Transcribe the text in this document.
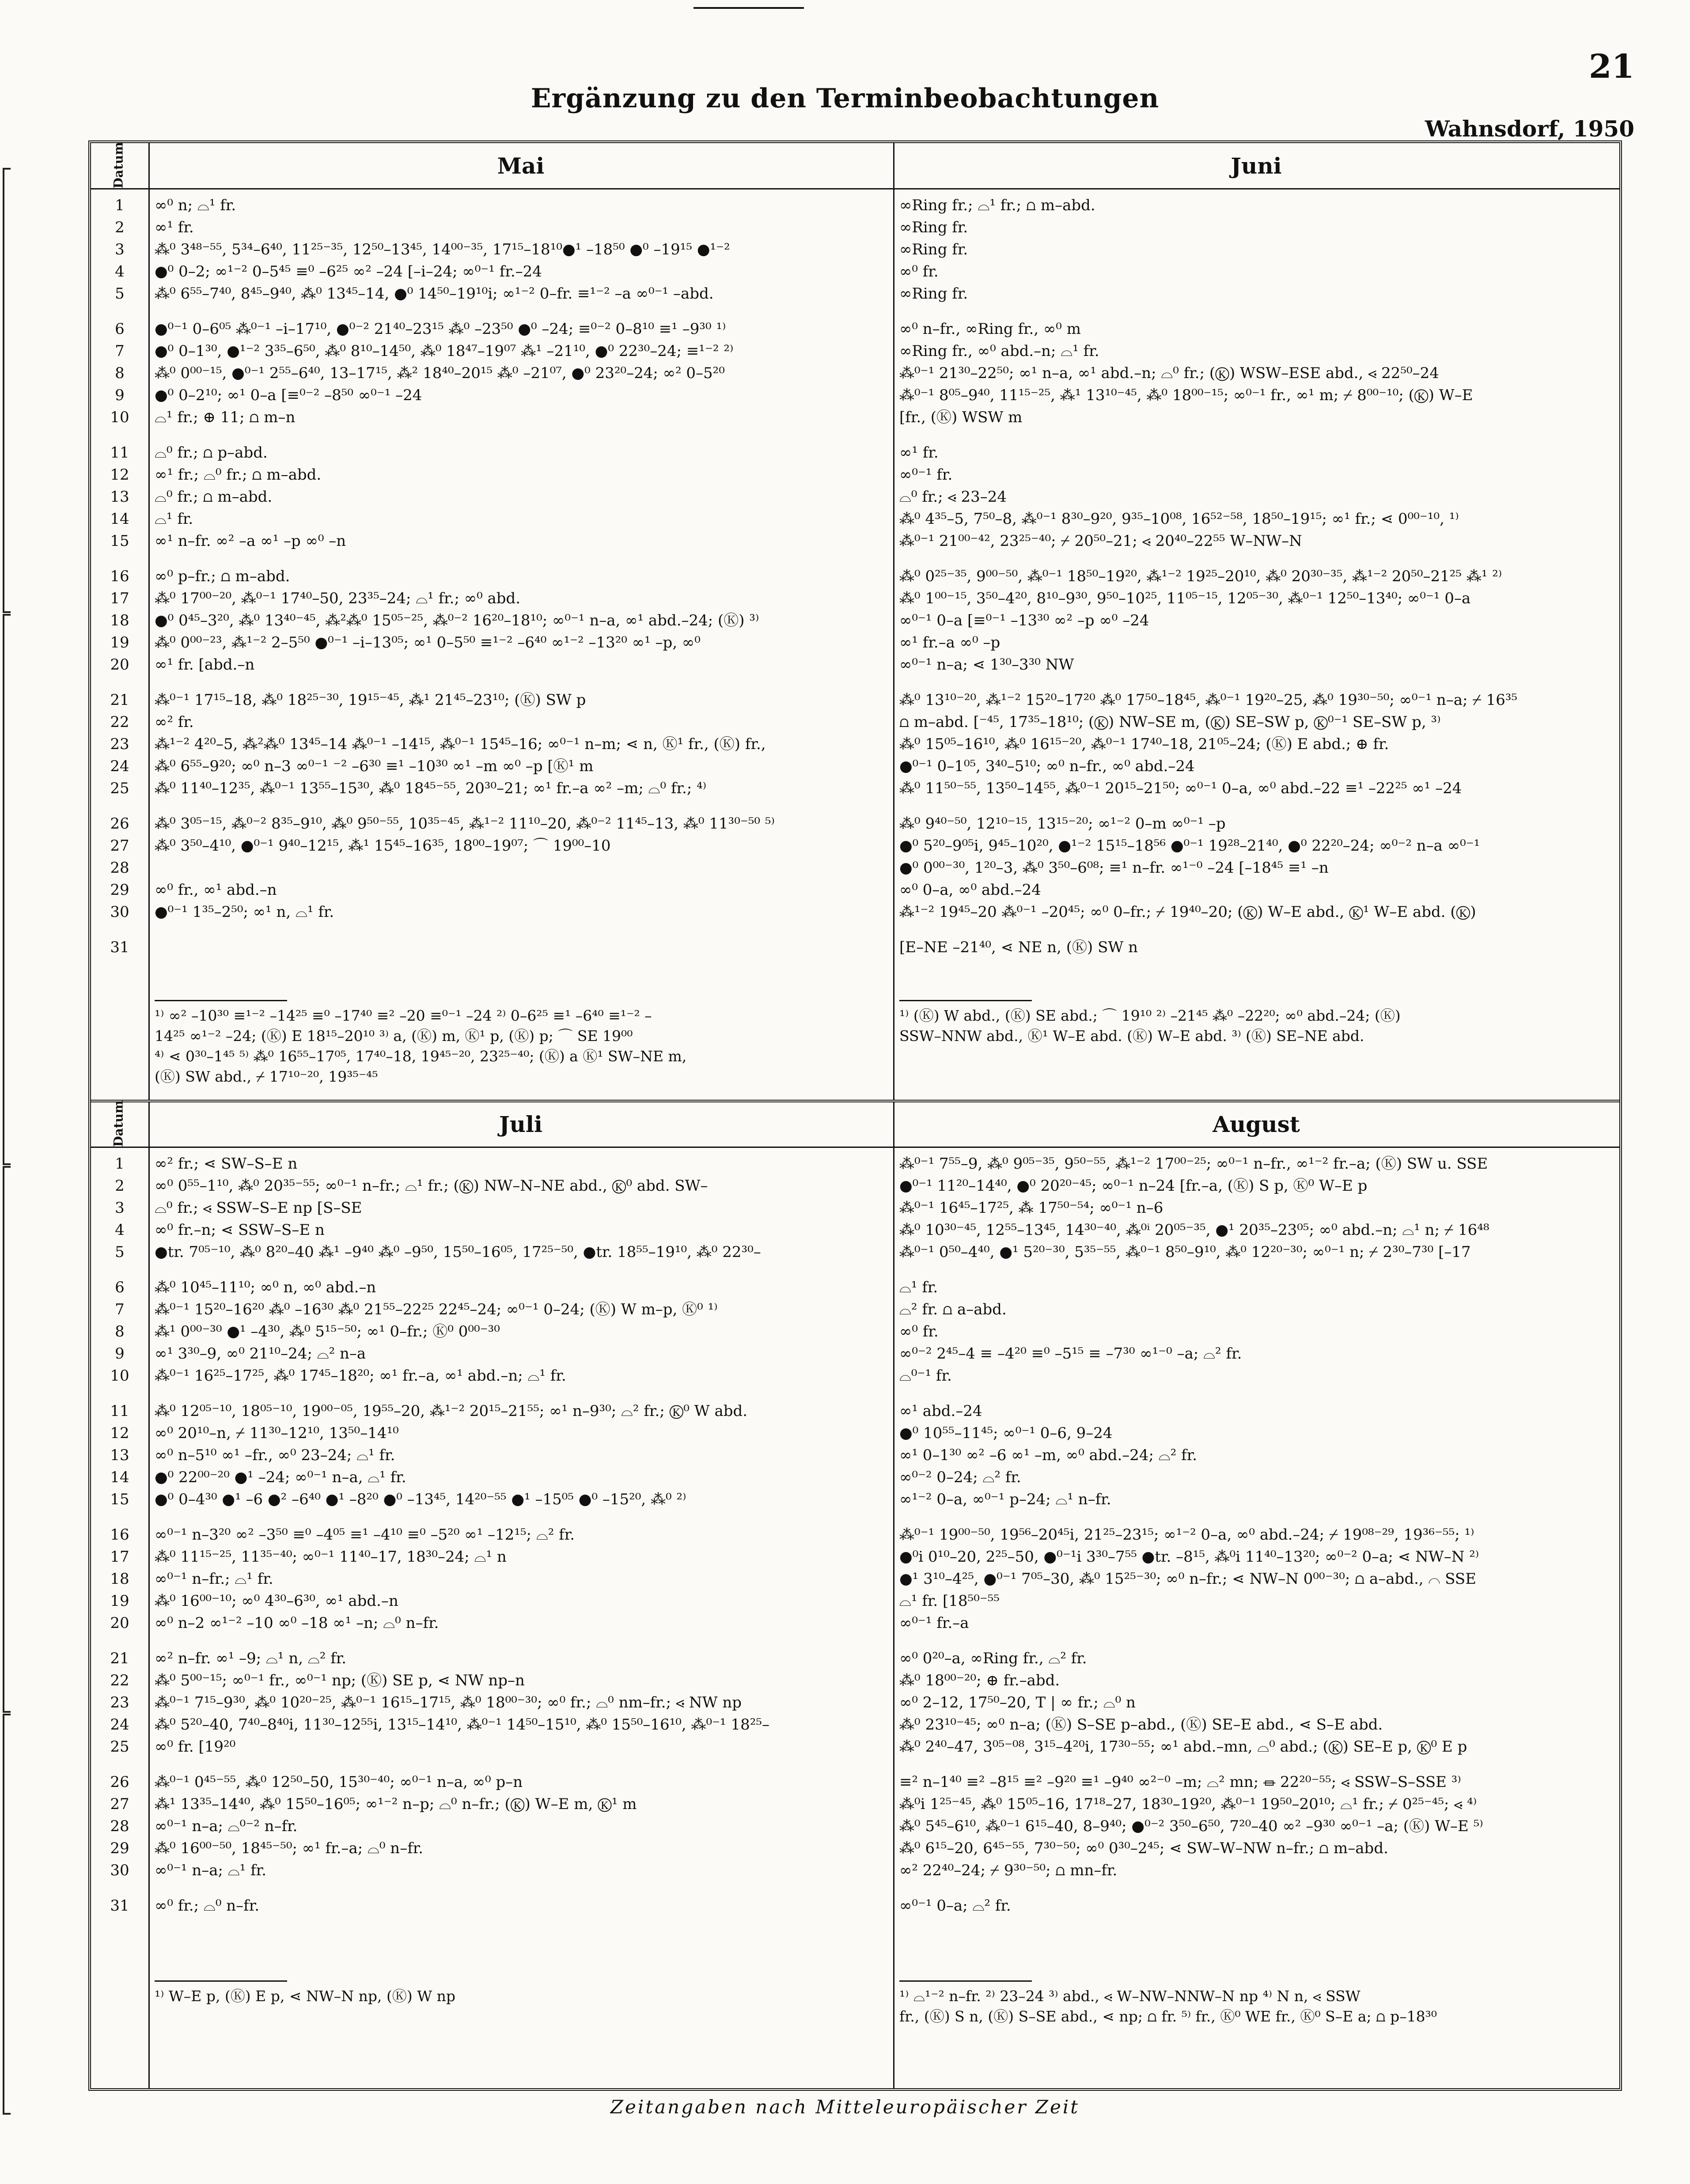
21
Ergänzung zu den Terminbeobachtungen
Wahnsdorf, 1950
Datum
1
2
3
4
5
6
7
8
9
10
11
12
13
14
15
16
17
18
19
20
21
22
23
24
25
26
27
28
29
30
31
Mai
∞⁰ n; ⌓¹ fr.
∞¹ fr.
⁂⁰ 3⁴⁸⁻⁵⁵, 5³⁴–6⁴⁰, 11²⁵⁻³⁵, 12⁵⁰–13⁴⁵, 14⁰⁰⁻³⁵, 17¹⁵–18¹⁰●¹ –18⁵⁰ ●⁰ –19¹⁵ ●¹⁻²
●⁰ 0–2; ∞¹⁻² 0–5⁴⁵ ≡⁰ –6²⁵ ∞² –24 [–i–24; ∞⁰⁻¹ fr.–24
⁂⁰ 6⁵⁵–7⁴⁰, 8⁴⁵–9⁴⁰, ⁂⁰ 13⁴⁵–14, ●⁰ 14⁵⁰–19¹⁰i; ∞¹⁻² 0–fr. ≡¹⁻² –a ∞⁰⁻¹ –abd.
●⁰⁻¹ 0–6⁰⁵ ⁂⁰⁻¹ –i–17¹⁰, ●⁰⁻² 21⁴⁰–23¹⁵ ⁂⁰ –23⁵⁰ ●⁰ –24; ≡⁰⁻² 0–8¹⁰ ≡¹ –9³⁰ ¹⁾
●⁰ 0–1³⁰, ●¹⁻² 3³⁵–6⁵⁰, ⁂⁰ 8¹⁰–14⁵⁰, ⁂⁰ 18⁴⁷–19⁰⁷ ⁂¹ –21¹⁰, ●⁰ 22³⁰–24; ≡¹⁻² ²⁾
⁂⁰ 0⁰⁰⁻¹⁵, ●⁰⁻¹ 2⁵⁵–6⁴⁰, 13–17¹⁵, ⁂² 18⁴⁰–20¹⁵ ⁂⁰ –21⁰⁷, ●⁰ 23²⁰–24; ∞² 0–5²⁰
●⁰ 0–2¹⁰; ∞¹ 0–a [≡⁰⁻² –8⁵⁰ ∞⁰⁻¹ –24
⌓¹ fr.; ⊕ 11; ⩍ m–n
⌓⁰ fr.; ⩍ p–abd.
∞¹ fr.; ⌓⁰ fr.; ⩍ m–abd.
⌓⁰ fr.; ⩍ m–abd.
⌓¹ fr.
∞¹ n–fr. ∞² –a ∞¹ –p ∞⁰ –n
∞⁰ p–fr.; ⩍ m–abd.
⁂⁰ 17⁰⁰⁻²⁰, ⁂⁰⁻¹ 17⁴⁰–50, 23³⁵–24; ⌓¹ fr.; ∞⁰ abd.
●⁰ 0⁴⁵–3²⁰, ⁂⁰ 13⁴⁰⁻⁴⁵, ⁂²⁂⁰ 15⁰⁵⁻²⁵, ⁂⁰⁻² 16²⁰–18¹⁰; ∞⁰⁻¹ n–a, ∞¹ abd.–24; (Ⓚ) ³⁾
⁂⁰ 0⁰⁰⁻²³, ⁂¹⁻² 2–5⁵⁰ ●⁰⁻¹ –i–13⁰⁵; ∞¹ 0–5⁵⁰ ≡¹⁻² –6⁴⁰ ∞¹⁻² –13²⁰ ∞¹ –p, ∞⁰
∞¹ fr. [abd.–n
⁂⁰⁻¹ 17¹⁵–18, ⁂⁰ 18²⁵⁻³⁰, 19¹⁵⁻⁴⁵, ⁂¹ 21⁴⁵–23¹⁰; (Ⓚ) SW p
∞² fr.
⁂¹⁻² 4²⁰–5, ⁂²⁂⁰ 13⁴⁵–14 ⁂⁰⁻¹ –14¹⁵, ⁂⁰⁻¹ 15⁴⁵–16; ∞⁰⁻¹ n–m; ⋖ n, Ⓚ¹ fr., (Ⓚ) fr.,
⁂⁰ 6⁵⁵–9²⁰; ∞⁰ n–3 ∞⁰⁻¹ ⁻² –6³⁰ ≡¹ –10³⁰ ∞¹ –m ∞⁰ –p [Ⓚ¹ m
⁂⁰ 11⁴⁰–12³⁵, ⁂⁰⁻¹ 13⁵⁵–15³⁰, ⁂⁰ 18⁴⁵⁻⁵⁵, 20³⁰–21; ∞¹ fr.–a ∞² –m; ⌓⁰ fr.; ⁴⁾
⁂⁰ 3⁰⁵⁻¹⁵, ⁂⁰⁻² 8³⁵–9¹⁰, ⁂⁰ 9⁵⁰⁻⁵⁵, 10³⁵⁻⁴⁵, ⁂¹⁻² 11¹⁰–20, ⁂⁰⁻² 11⁴⁵–13, ⁂⁰ 11³⁰⁻⁵⁰ ⁵⁾
⁂⁰ 3⁵⁰–4¹⁰, ●⁰⁻¹ 9⁴⁰–12¹⁵, ⁂¹ 15⁴⁵–16³⁵, 18⁰⁰–19⁰⁷; ⌒ 19⁰⁰–10
∞⁰ fr., ∞¹ abd.–n
●⁰⁻¹ 1³⁵–2⁵⁰; ∞¹ n, ⌓¹ fr.

¹⁾ ∞² –10³⁰ ≡¹⁻² –14²⁵ ≡⁰ –17⁴⁰ ≡² –20 ≡⁰⁻¹ –24 ²⁾ 0–6²⁵ ≡¹ –6⁴⁰ ≡¹⁻² –

14²⁵ ∞¹⁻² –24; (Ⓚ) E 18¹⁵–20¹⁰ ³⁾ a, (Ⓚ) m, Ⓚ¹ p, (Ⓚ) p; ⌒ SE 19⁰⁰

⁴⁾ ⋖ 0³⁰–1⁴⁵ ⁵⁾ ⁂⁰ 16⁵⁵–17⁰⁵, 17⁴⁰–18, 19⁴⁵⁻²⁰, 23²⁵⁻⁴⁰; (Ⓚ) a Ⓚ¹ SW–NE m,

(Ⓚ) SW abd., ⌿ 17¹⁰⁻²⁰, 19³⁵⁻⁴⁵

Juni
∞Ring fr.; ⌓¹ fr.; ⩍ m–abd.
∞Ring fr.
∞Ring fr.
∞⁰ fr.
∞Ring fr.
∞⁰ n–fr., ∞Ring fr., ∞⁰ m
∞Ring fr., ∞⁰ abd.–n; ⌓¹ fr.
⁂⁰⁻¹ 21³⁰–22⁵⁰; ∞¹ n–a, ∞¹ abd.–n; ⌓⁰ fr.; (Ⓚ) WSW–ESE abd., ⋖ 22⁵⁰–24
⁂⁰⁻¹ 8⁰⁵–9⁴⁰, 11¹⁵⁻²⁵, ⁂¹ 13¹⁰⁻⁴⁵, ⁂⁰ 18⁰⁰⁻¹⁵; ∞⁰⁻¹ fr., ∞¹ m; ⌿ 8⁰⁰⁻¹⁰; (Ⓚ) W–E
[fr., (Ⓚ) WSW m
∞¹ fr.
∞⁰⁻¹ fr.
⌓⁰ fr.; ⋖ 23–24
⁂⁰ 4³⁵–5, 7⁵⁰–8, ⁂⁰⁻¹ 8³⁰–9²⁰, 9³⁵–10⁰⁸, 16⁵²⁻⁵⁸, 18⁵⁰–19¹⁵; ∞¹ fr.; ⋖ 0⁰⁰⁻¹⁰, ¹⁾
⁂⁰⁻¹ 21⁰⁰⁻⁴², 23²⁵⁻⁴⁰; ⌿ 20⁵⁰–21; ⋖ 20⁴⁰–22⁵⁵ W–NW–N
⁂⁰ 0²⁵⁻³⁵, 9⁰⁰⁻⁵⁰, ⁂⁰⁻¹ 18⁵⁰–19²⁰, ⁂¹⁻² 19²⁵–20¹⁰, ⁂⁰ 20³⁰⁻³⁵, ⁂¹⁻² 20⁵⁰–21²⁵ ⁂¹ ²⁾
⁂⁰ 1⁰⁰⁻¹⁵, 3⁵⁰–4²⁰, 8¹⁰–9³⁰, 9⁵⁰–10²⁵, 11⁰⁵⁻¹⁵, 12⁰⁵⁻³⁰, ⁂⁰⁻¹ 12⁵⁰–13⁴⁰; ∞⁰⁻¹ 0–a
∞⁰⁻¹ 0–a [≡⁰⁻¹ –13³⁰ ∞² –p ∞⁰ –24
∞¹ fr.–a ∞⁰ –p
∞⁰⁻¹ n–a; ⋖ 1³⁰–3³⁰ NW
⁂⁰ 13¹⁰⁻²⁰, ⁂¹⁻² 15²⁰–17²⁰ ⁂⁰ 17⁵⁰–18⁴⁵, ⁂⁰⁻¹ 19²⁰–25, ⁂⁰ 19³⁰⁻⁵⁰; ∞⁰⁻¹ n–a; ⌿ 16³⁵
⩍ m–abd. [⁻⁴⁵, 17³⁵–18¹⁰; (Ⓚ) NW–SE m, (Ⓚ) SE–SW p, Ⓚ⁰⁻¹ SE–SW p, ³⁾
⁂⁰ 15⁰⁵–16¹⁰, ⁂⁰ 16¹⁵⁻²⁰, ⁂⁰⁻¹ 17⁴⁰–18, 21⁰⁵–24; (Ⓚ) E abd.; ⊕ fr.
●⁰⁻¹ 0–1⁰⁵, 3⁴⁰–5¹⁰; ∞⁰ n–fr., ∞⁰ abd.–24
⁂⁰ 11⁵⁰⁻⁵⁵, 13⁵⁰–14⁵⁵, ⁂⁰⁻¹ 20¹⁵–21⁵⁰; ∞⁰⁻¹ 0–a, ∞⁰ abd.–22 ≡¹ –22²⁵ ∞¹ –24
⁂⁰ 9⁴⁰⁻⁵⁰, 12¹⁰⁻¹⁵, 13¹⁵⁻²⁰; ∞¹⁻² 0–m ∞⁰⁻¹ –p
●⁰ 5²⁰–9⁰⁵i, 9⁴⁵–10²⁰, ●¹⁻² 15¹⁵–18⁵⁶ ●⁰⁻¹ 19²⁸–21⁴⁰, ●⁰ 22²⁰–24; ∞⁰⁻² n–a ∞⁰⁻¹
●⁰ 0⁰⁰⁻³⁰, 1²⁰–3, ⁂⁰ 3⁵⁰–6⁰⁸; ≡¹ n–fr. ∞¹⁻⁰ –24 [–18⁴⁵ ≡¹ –n
∞⁰ 0–a, ∞⁰ abd.–24
⁂¹⁻² 19⁴⁵–20 ⁂⁰⁻¹ –20⁴⁵; ∞⁰ 0–fr.; ⌿ 19⁴⁰–20; (Ⓚ) W–E abd., Ⓚ¹ W–E abd. (Ⓚ)
[E–NE –21⁴⁰, ⋖ NE n, (Ⓚ) SW n

¹⁾ (Ⓚ) W abd., (Ⓚ) SE abd.; ⌒ 19¹⁰ ²⁾ –21⁴⁵ ⁂⁰ –22²⁰; ∞⁰ abd.–24; (Ⓚ)

SSW–NNW abd., Ⓚ¹ W–E abd. (Ⓚ) W–E abd. ³⁾ (Ⓚ) SE–NE abd.

Datum
1
2
3
4
5
6
7
8
9
10
11
12
13
14
15
16
17
18
19
20
21
22
23
24
25
26
27
28
29
30
31
Juli
∞² fr.; ⋖ SW–S–E n
∞⁰ 0⁵⁵–1¹⁰, ⁂⁰ 20³⁵⁻⁵⁵; ∞⁰⁻¹ n–fr.; ⌓¹ fr.; (Ⓚ) NW–N–NE abd., Ⓚ⁰ abd. SW–
⌓⁰ fr.; ⋖ SSW–S–E np [S–SE
∞⁰ fr.–n; ⋖ SSW–S–E n
●tr. 7⁰⁵⁻¹⁰, ⁂⁰ 8²⁰–40 ⁂¹ –9⁴⁰ ⁂⁰ –9⁵⁰, 15⁵⁰–16⁰⁵, 17²⁵⁻⁵⁰, ●tr. 18⁵⁵–19¹⁰, ⁂⁰ 22³⁰–
⁂⁰ 10⁴⁵–11¹⁰; ∞⁰ n, ∞⁰ abd.–n
⁂⁰⁻¹ 15²⁰–16²⁰ ⁂⁰ –16³⁰ ⁂⁰ 21⁵⁵–22²⁵ 22⁴⁵–24; ∞⁰⁻¹ 0–24; (Ⓚ) W m–p, Ⓚ⁰ ¹⁾
⁂¹ 0⁰⁰⁻³⁰ ●¹ –4³⁰, ⁂⁰ 5¹⁵⁻⁵⁰; ∞¹ 0–fr.; Ⓚ⁰ 0⁰⁰⁻³⁰
∞¹ 3³⁰–9, ∞⁰ 21¹⁰–24; ⌓² n–a
⁂⁰⁻¹ 16²⁵–17²⁵, ⁂⁰ 17⁴⁵–18²⁰; ∞¹ fr.–a, ∞¹ abd.–n; ⌓¹ fr.
⁂⁰ 12⁰⁵⁻¹⁰, 18⁰⁵⁻¹⁰, 19⁰⁰⁻⁰⁵, 19⁵⁵–20, ⁂¹⁻² 20¹⁵–21⁵⁵; ∞¹ n–9³⁰; ⌓² fr.; Ⓚ⁰ W abd.
∞⁰ 20¹⁰–n, ⌿ 11³⁰–12¹⁰, 13⁵⁰–14¹⁰
∞⁰ n–5¹⁰ ∞¹ –fr., ∞⁰ 23–24; ⌓¹ fr.
●⁰ 22⁰⁰⁻²⁰ ●¹ –24; ∞⁰⁻¹ n–a, ⌓¹ fr.
●⁰ 0–4³⁰ ●¹ –6 ●² –6⁴⁰ ●¹ –8²⁰ ●⁰ –13⁴⁵, 14²⁰⁻⁵⁵ ●¹ –15⁰⁵ ●⁰ –15²⁰, ⁂⁰ ²⁾
∞⁰⁻¹ n–3²⁰ ∞² –3⁵⁰ ≡⁰ –4⁰⁵ ≡¹ –4¹⁰ ≡⁰ –5²⁰ ∞¹ –12¹⁵; ⌓² fr.
⁂⁰ 11¹⁵⁻²⁵, 11³⁵⁻⁴⁰; ∞⁰⁻¹ 11⁴⁰–17, 18³⁰–24; ⌓¹ n
∞⁰⁻¹ n–fr.; ⌓¹ fr.
⁂⁰ 16⁰⁰⁻¹⁰; ∞⁰ 4³⁰–6³⁰, ∞¹ abd.–n
∞⁰ n–2 ∞¹⁻² –10 ∞⁰ –18 ∞¹ –n; ⌓⁰ n–fr.
∞² n–fr. ∞¹ –9; ⌓¹ n, ⌓² fr.
⁂⁰ 5⁰⁰⁻¹⁵; ∞⁰⁻¹ fr., ∞⁰⁻¹ np; (Ⓚ) SE p, ⋖ NW np–n
⁂⁰⁻¹ 7¹⁵–9³⁰, ⁂⁰ 10²⁰⁻²⁵, ⁂⁰⁻¹ 16¹⁵–17¹⁵, ⁂⁰ 18⁰⁰⁻³⁰; ∞⁰ fr.; ⌓⁰ nm–fr.; ⋖ NW np
⁂⁰ 5²⁰–40, 7⁴⁰–8⁴⁰i, 11³⁰–12⁵⁵i, 13¹⁵–14¹⁰, ⁂⁰⁻¹ 14⁵⁰–15¹⁰, ⁂⁰ 15⁵⁰–16¹⁰, ⁂⁰⁻¹ 18²⁵–
∞⁰ fr. [19²⁰
⁂⁰⁻¹ 0⁴⁵⁻⁵⁵, ⁂⁰ 12⁵⁰–50, 15³⁰⁻⁴⁰; ∞⁰⁻¹ n–a, ∞⁰ p–n
⁂¹ 13³⁵–14⁴⁰, ⁂⁰ 15⁵⁰–16⁰⁵; ∞¹⁻² n–p; ⌓⁰ n–fr.; (Ⓚ) W–E m, Ⓚ¹ m
∞⁰⁻¹ n–a; ⌓⁰⁻² n–fr.
⁂⁰ 16⁰⁰⁻⁵⁰, 18⁴⁵⁻⁵⁰; ∞¹ fr.–a; ⌓⁰ n–fr.
∞⁰⁻¹ n–a; ⌓¹ fr.
∞⁰ fr.; ⌓⁰ n–fr.

¹⁾ W–E p, (Ⓚ) E p, ⋖ NW–N np, (Ⓚ) W np

August
⁂⁰⁻¹ 7⁵⁵–9, ⁂⁰ 9⁰⁵⁻³⁵, 9⁵⁰⁻⁵⁵, ⁂¹⁻² 17⁰⁰⁻²⁵; ∞⁰⁻¹ n–fr., ∞¹⁻² fr.–a; (Ⓚ) SW u. SSE
●⁰⁻¹ 11²⁰–14⁴⁰, ●⁰ 20²⁰⁻⁴⁵; ∞⁰⁻¹ n–24 [fr.–a, (Ⓚ) S p, Ⓚ⁰ W–E p
⁂⁰⁻¹ 16⁴⁵–17²⁵, ⁂ 17⁵⁰⁻⁵⁴; ∞⁰⁻¹ n–6
⁂⁰ 10³⁰⁻⁴⁵, 12⁵⁵–13⁴⁵, 14³⁰⁻⁴⁰, ⁂⁰ⁱ 20⁰⁵⁻³⁵, ●¹ 20³⁵–23⁰⁵; ∞⁰ abd.–n; ⌓¹ n; ⌿ 16⁴⁸
⁂⁰⁻¹ 0⁵⁰–4⁴⁰, ●¹ 5²⁰⁻³⁰, 5³⁵⁻⁵⁵, ⁂⁰⁻¹ 8⁵⁰–9¹⁰, ⁂⁰ 12²⁰⁻³⁰; ∞⁰⁻¹ n; ⌿ 2³⁰–7³⁰ [–17
⌓¹ fr.
⌓² fr. ⩍ a–abd.
∞⁰ fr.
∞⁰⁻² 2⁴⁵–4 ≡ –4²⁰ ≡⁰ –5¹⁵ ≡ –7³⁰ ∞¹⁻⁰ –a; ⌓² fr.
⌓⁰⁻¹ fr.
∞¹ abd.–24
●⁰ 10⁵⁵–11⁴⁵; ∞⁰⁻¹ 0–6, 9–24
∞¹ 0–1³⁰ ∞² –6 ∞¹ –m, ∞⁰ abd.–24; ⌓² fr.
∞⁰⁻² 0–24; ⌓² fr.
∞¹⁻² 0–a, ∞⁰⁻¹ p–24; ⌓¹ n–fr.
⁂⁰⁻¹ 19⁰⁰⁻⁵⁰, 19⁵⁶–20⁴⁵i, 21²⁵–23¹⁵; ∞¹⁻² 0–a, ∞⁰ abd.–24; ⌿ 19⁰⁸⁻²⁹, 19³⁶⁻⁵⁵; ¹⁾
●⁰i 0¹⁰–20, 2²⁵–50, ●⁰⁻¹i 3³⁰–7⁵⁵ ●tr. –8¹⁵, ⁂⁰i 11⁴⁰–13²⁰; ∞⁰⁻² 0–a; ⋖ NW–N ²⁾
●¹ 3¹⁰–4²⁵, ●⁰⁻¹ 7⁰⁵–30, ⁂⁰ 15²⁵⁻³⁰; ∞⁰ n–fr.; ⋖ NW–N 0⁰⁰⁻³⁰; ⩍ a–abd., ⌒ SSE
⌓¹ fr. [18⁵⁰⁻⁵⁵
∞⁰⁻¹ fr.–a
∞⁰ 0²⁰–a, ∞Ring fr., ⌓² fr.
⁂⁰ 18⁰⁰⁻²⁰; ⊕ fr.–abd.
∞⁰ 2–12, 17⁵⁰–20, T | ∞ fr.; ⌓⁰ n
⁂⁰ 23¹⁰⁻⁴⁵; ∞⁰ n–a; (Ⓚ) S–SE p–abd., (Ⓚ) SE–E abd., ⋖ S–E abd.
⁂⁰ 2⁴⁰–47, 3⁰⁵⁻⁰⁸, 3¹⁵–4²⁰i, 17³⁰⁻⁵⁵; ∞¹ abd.–mn, ⌓⁰ abd.; (Ⓚ) SE–E p, Ⓚ⁰ E p
≡² n–1⁴⁰ ≡² –8¹⁵ ≡² –9²⁰ ≡¹ –9⁴⁰ ∞²⁻⁰ –m; ⌓² mn; ⏛ 22²⁰⁻⁵⁵; ⋖ SSW–S–SSE ³⁾
⁂⁰i 1²⁵⁻⁴⁵, ⁂⁰ 15⁰⁵–16, 17¹⁸–27, 18³⁰–19²⁰, ⁂⁰⁻¹ 19⁵⁰–20¹⁰; ⌓¹ fr.; ⌿ 0²⁵⁻⁴⁵; ⋖ ⁴⁾
⁂⁰ 5⁴⁵–6¹⁰, ⁂⁰⁻¹ 6¹⁵–40, 8–9⁴⁰; ●⁰⁻² 3⁵⁰–6⁵⁰, 7²⁰–40 ∞² –9³⁰ ∞⁰⁻¹ –a; (Ⓚ) W–E ⁵⁾
⁂⁰ 6¹⁵–20, 6⁴⁵⁻⁵⁵, 7³⁰⁻⁵⁰; ∞⁰ 0³⁰–2⁴⁵; ⋖ SW–W–NW n–fr.; ⩍ m–abd.
∞² 22⁴⁰–24; ⌿ 9³⁰⁻⁵⁰; ⩍ mn–fr.
∞⁰⁻¹ 0–a; ⌓² fr.

¹⁾ ⌓¹⁻² n–fr. ²⁾ 23–24 ³⁾ abd., ⋖ W–NW–NNW–N np ⁴⁾ N n, ⋖ SSW

fr., (Ⓚ) S n, (Ⓚ) S–SE abd., ⋖ np; ⩍ fr. ⁵⁾ fr., Ⓚ⁰ WE fr., Ⓚ⁰ S–E a; ⩍ p–18³⁰

Zeitangaben nach Mitteleuropäischer Zeit
